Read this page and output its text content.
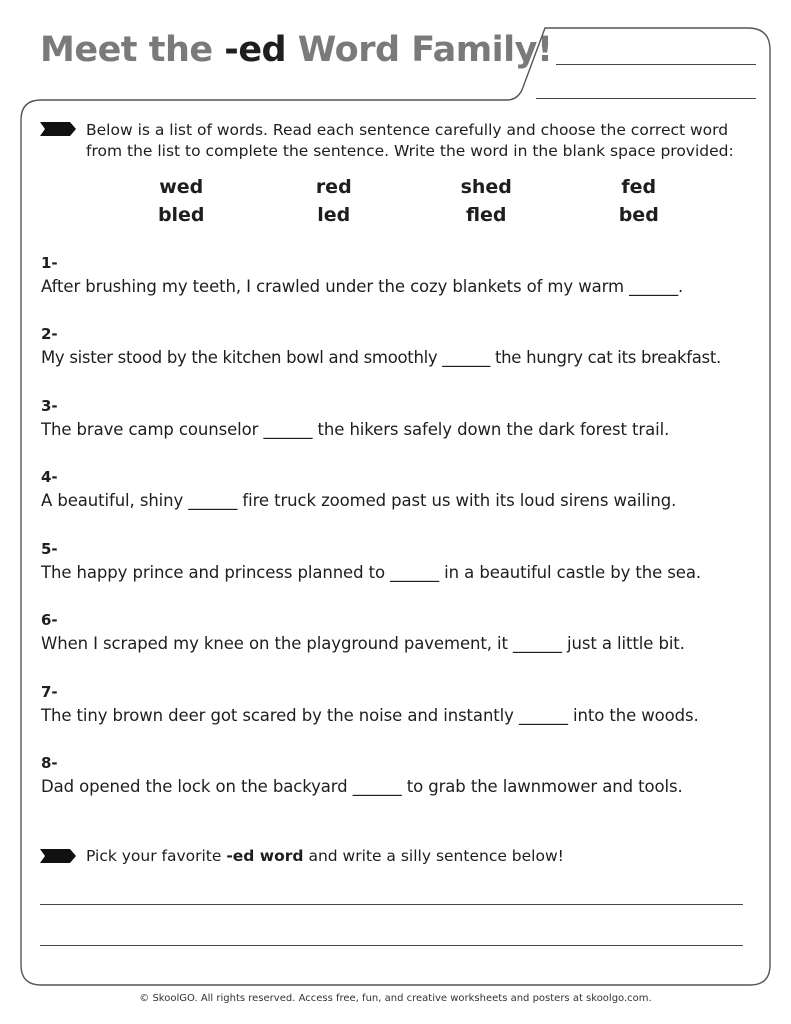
Meet the -ed Word Family!
Below is a list of words. Read each sentence carefully and choose the correct word from the list to complete the sentence. Write the word in the blank space provided:
wed	red	shed	fed
bled	led	fled	bed
1-
After brushing my teeth, I crawled under the cozy blankets of my warm ______.
2-
My sister stood by the kitchen bowl and smoothly ______ the hungry cat its breakfast.
3-
The brave camp counselor ______ the hikers safely down the dark forest trail.
4-
A beautiful, shiny ______ fire truck zoomed past us with its loud sirens wailing.
5-
The happy prince and princess planned to ______ in a beautiful castle by the sea.
6-
When I scraped my knee on the playground pavement, it ______ just a little bit.
7-
The tiny brown deer got scared by the noise and instantly ______ into the woods.
8-
Dad opened the lock on the backyard ______ to grab the lawnmower and tools.
Pick your favorite -ed word and write a silly sentence below!
© SkoolGO. All rights reserved. Access free, fun, and creative worksheets and posters at skoolgo.com.
